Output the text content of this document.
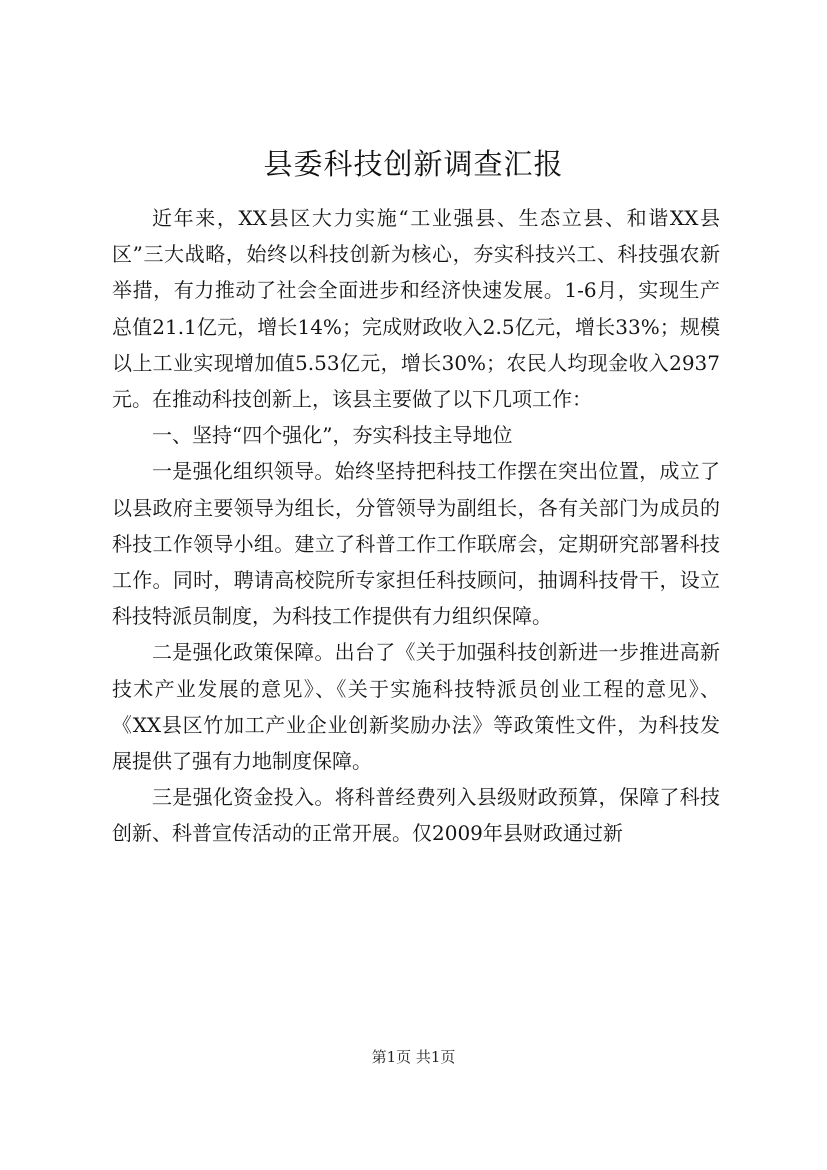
县委科技创新调查汇报

近年来，XX县区大力实施“工业强县、生态立县、和谐XX县区”三大战略，始终以科技创新为核心，夯实科技兴工、科技强农新举措，有力推动了社会全面进步和经济快速发展。1-6月，实现生产总值21.1亿元，增长14%；完成财政收入2.5亿元，增长33%；规模以上工业实现增加值5.53亿元，增长30%；农民人均现金收入2937元。在推动科技创新上，该县主要做了以下几项工作：

一、坚持“四个强化”，夯实科技主导地位

一是强化组织领导。始终坚持把科技工作摆在突出位置，成立了以县政府主要领导为组长，分管领导为副组长，各有关部门为成员的科技工作领导小组。建立了科普工作工作联席会，定期研究部署科技工作。同时，聘请高校院所专家担任科技顾问，抽调科技骨干，设立科技特派员制度，为科技工作提供有力组织保障。

二是强化政策保障。出台了《关于加强科技创新进一步推进高新技术产业发展的意见》、《关于实施科技特派员创业工程的意见》、《XX县区竹加工产业企业创新奖励办法》等政策性文件，为科技发展提供了强有力地制度保障。

三是强化资金投入。将科普经费列入县级财政预算，保障了科技创新、科普宣传活动的正常开展。仅2009年县财政通过新

第1页 共1页
